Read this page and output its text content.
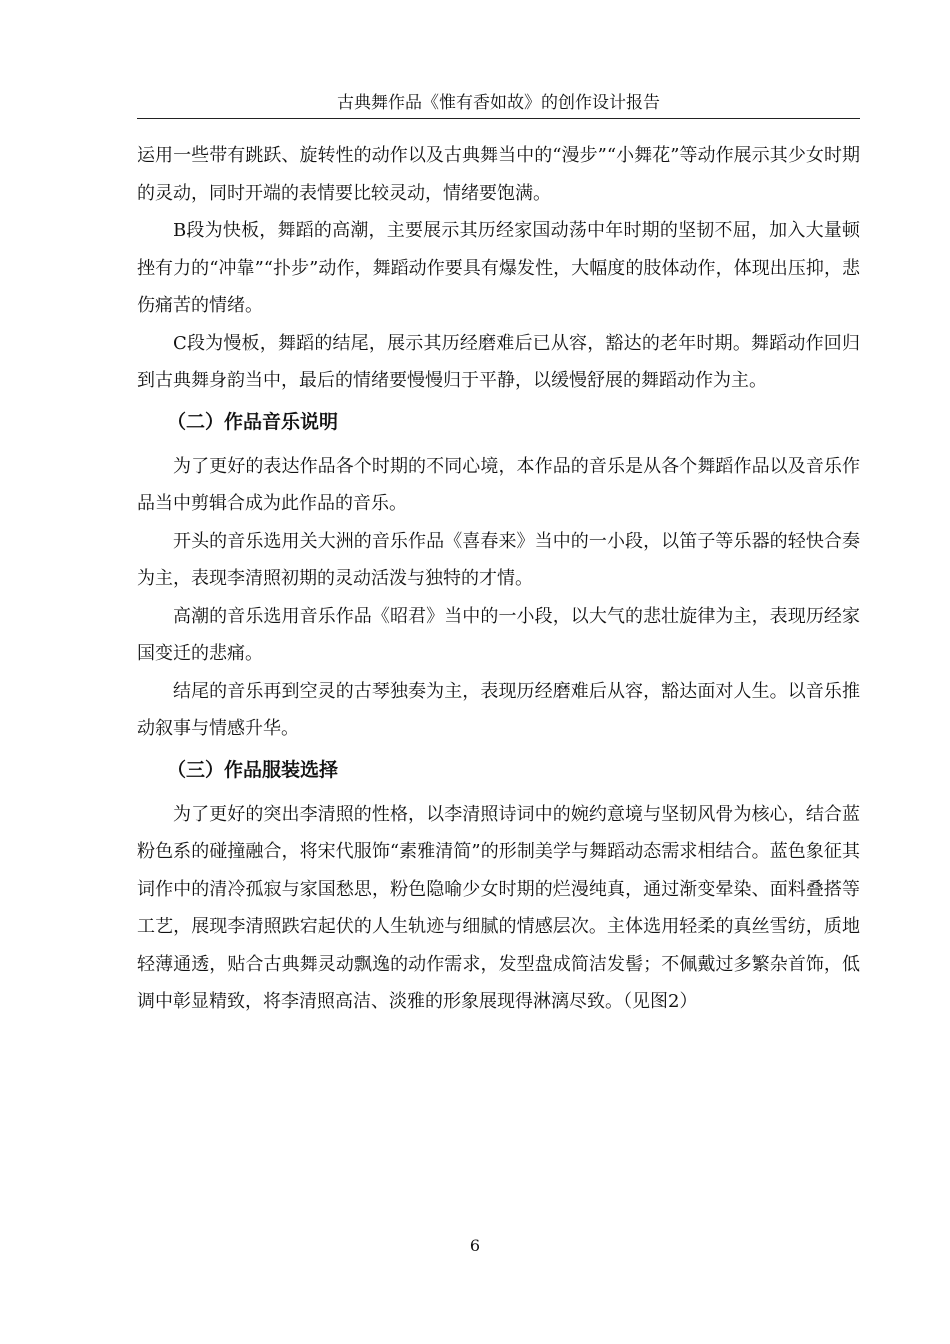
古典舞作品《惟有香如故》的创作设计报告

运用一些带有跳跃、旋转性的动作以及古典舞当中的“漫步”“小舞花”等动作展示其少女时期的灵动，同时开端的表情要比较灵动，情绪要饱满。

B段为快板，舞蹈的高潮，主要展示其历经家国动荡中年时期的坚韧不屈，加入大量顿挫有力的“冲靠”“扑步”动作，舞蹈动作要具有爆发性，大幅度的肢体动作，体现出压抑，悲伤痛苦的情绪。

C段为慢板，舞蹈的结尾，展示其历经磨难后已从容，豁达的老年时期。舞蹈动作回归到古典舞身韵当中，最后的情绪要慢慢归于平静，以缓慢舒展的舞蹈动作为主。

（二）作品音乐说明

为了更好的表达作品各个时期的不同心境，本作品的音乐是从各个舞蹈作品以及音乐作品当中剪辑合成为此作品的音乐。

开头的音乐选用关大洲的音乐作品《喜春来》当中的一小段，以笛子等乐器的轻快合奏为主，表现李清照初期的灵动活泼与独特的才情。

高潮的音乐选用音乐作品《昭君》当中的一小段，以大气的悲壮旋律为主，表现历经家国变迁的悲痛。

结尾的音乐再到空灵的古琴独奏为主，表现历经磨难后从容，豁达面对人生。以音乐推动叙事与情感升华。

（三）作品服装选择

为了更好的突出李清照的性格，以李清照诗词中的婉约意境与坚韧风骨为核心，结合蓝粉色系的碰撞融合，将宋代服饰“素雅清简”的形制美学与舞蹈动态需求相结合。蓝色象征其词作中的清冷孤寂与家国愁思，粉色隐喻少女时期的烂漫纯真，通过渐变晕染、面料叠搭等工艺，展现李清照跌宕起伏的人生轨迹与细腻的情感层次。主体选用轻柔的真丝雪纺，质地轻薄通透，贴合古典舞灵动飘逸的动作需求，发型盘成简洁发髻；不佩戴过多繁杂首饰，低调中彰显精致，将李清照高洁、淡雅的形象展现得淋漓尽致。（见图2）

6
